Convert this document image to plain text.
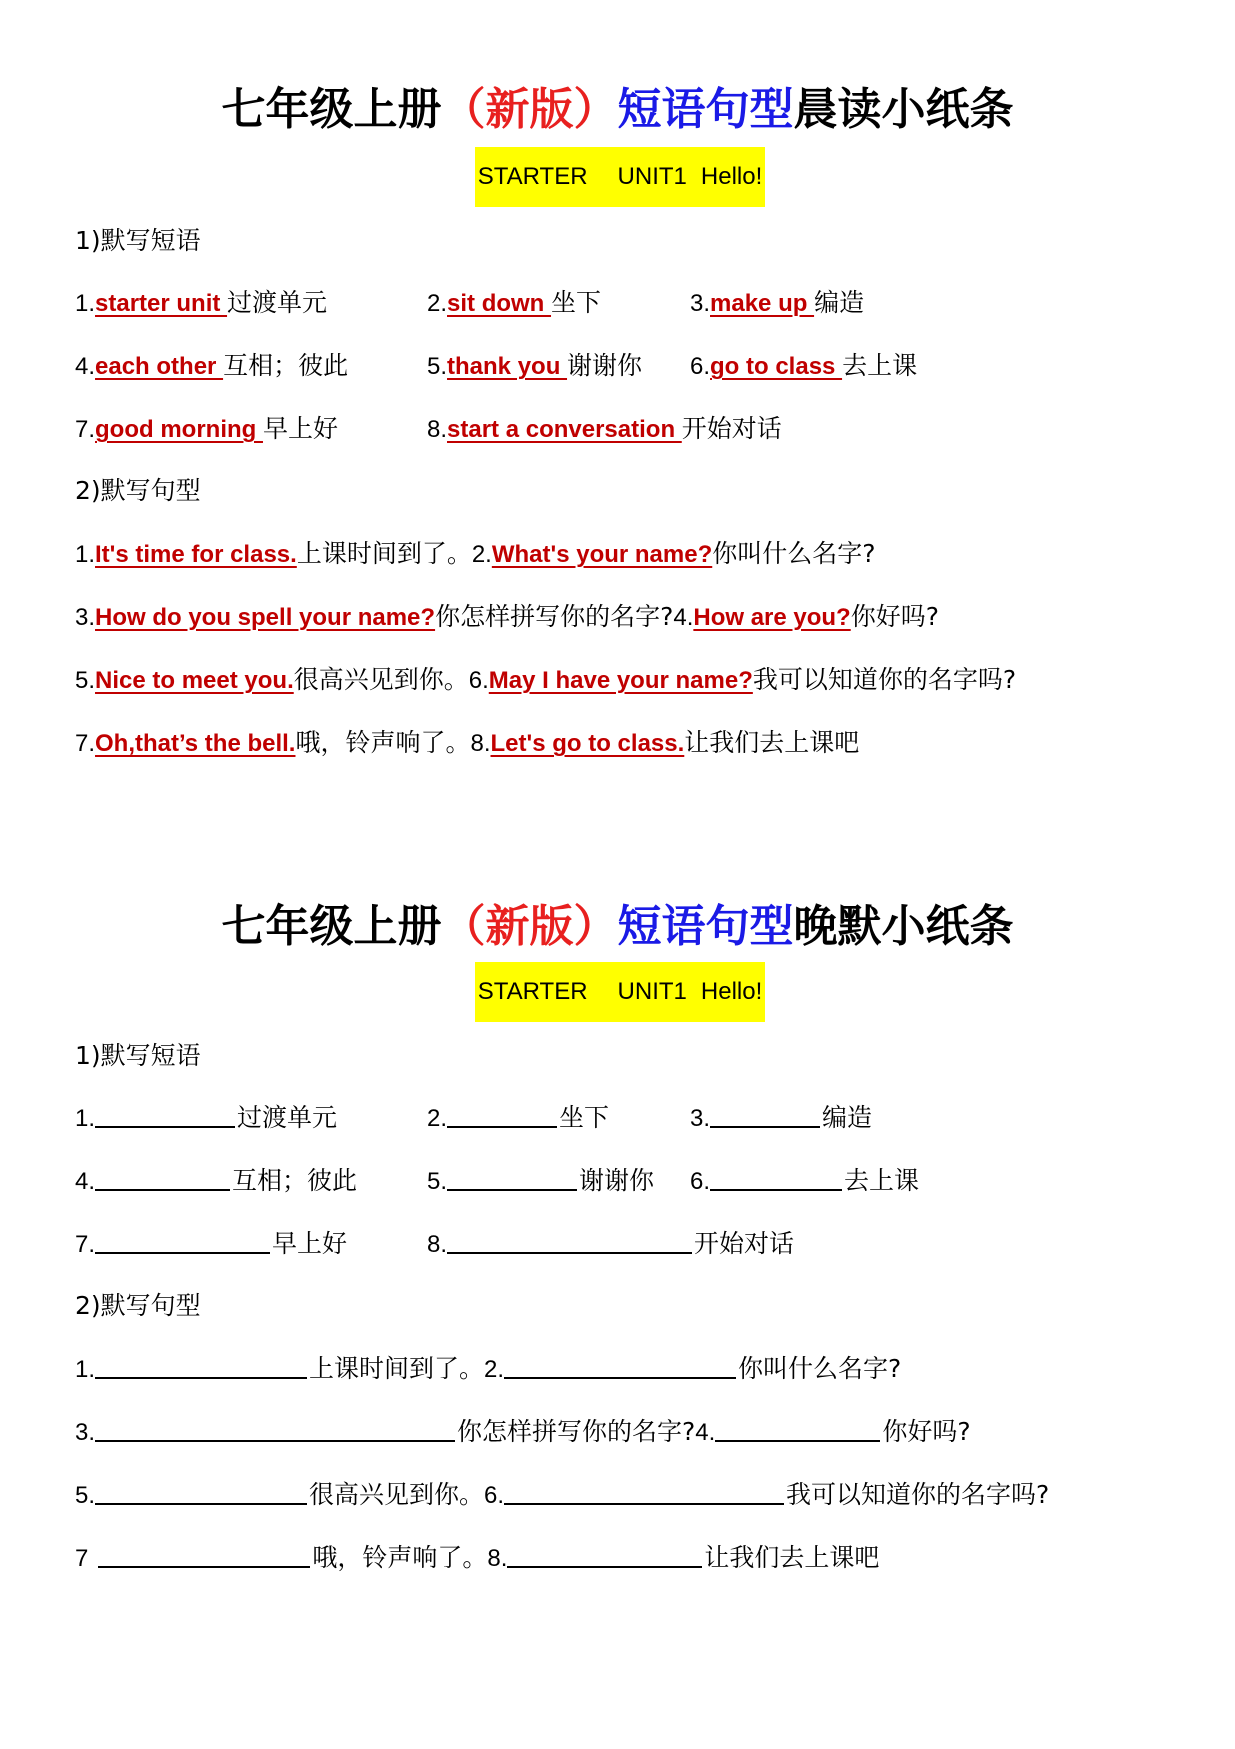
七年级上册（新版）短语句型晨读小纸条
STARTER UNIT1 Hello!
1)默写短语
1. starter unit 过渡单元	2. sit down 坐下	3. make up 编造
4. each other 互相；彼此	5. thank you 谢谢你 6. go to class 去上课
7. good morning 早上好	8. start a conversation 开始对话
2)默写句型
1. It's time for class. 上课时间到了。 2. What's your name? 你叫什么名字?
3. How do you spell your name? 你怎样拼写你的名字? 4. How are you? 你好吗?
5. Nice to meet you. 很高兴见到你。 6. May I have your name? 我可以知道你的名字吗?
7. Oh,that’s the bell. 哦，铃声响了。 8. Let's go to class. 让我们去上课吧
七年级上册（新版）短语句型晚默小纸条
STARTER UNIT1 Hello!
1)默写短语
1.	过渡单元	2.	坐下	3.	编造
4.	互相；彼此	5.	谢谢你 6.	去上课
7.	早上好	8.	开始对话
2)默写句型
1.	上课时间到了。 2.	你叫什么名字?
3.	你怎样拼写你的名字? 4.	你好吗?
5.	很高兴见到你。 6.	我可以知道你的名字吗?
7	哦，铃声响了。 8.	让我们去上课吧
